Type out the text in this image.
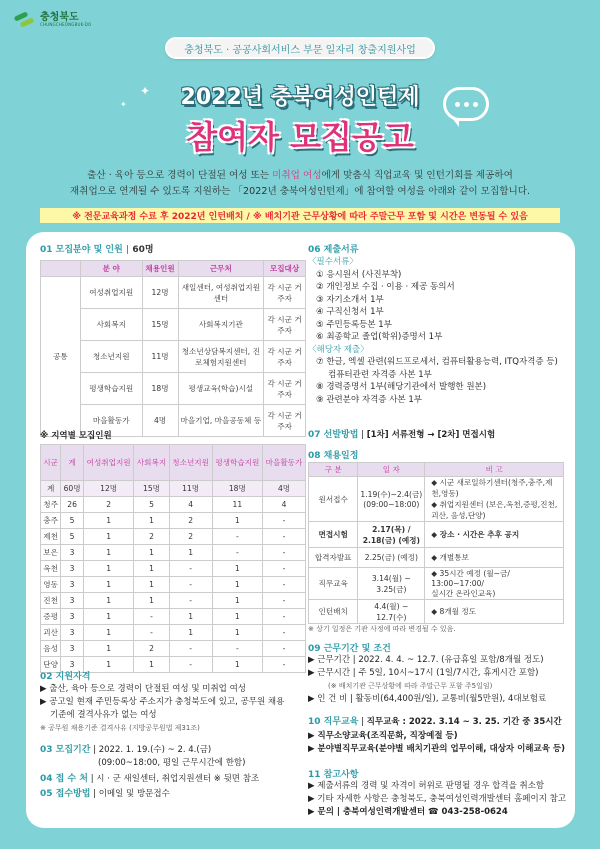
충청북도
CHUNGCHEONGBUK-DO
충청북도 · 공공사회서비스 부문 일자리 창출지원사업
2022년 충북여성인턴제
참여자 모집공고
✦
✦
출산 · 육아 등으로 경력이 단절된 여성 또는 미취업 여성에게 맞춤식 직업교육 및 인턴기회를 제공하여
재취업으로 연계될 수 있도록 지원하는 「2022년 충북여성인턴제」에 참여할 여성을 아래와 같이 모집합니다.
※ 전문교육과정 수료 후 2022년 인턴배치 / ※ 배치기관 근무상황에 따라 주말근무 포함 및 시간은 변동될 수 있음
01 모집분야 및 인원 | 60명
	분 야	채용인원	근무처	모집대상
공통	여성취업지원	12명	새일센터, 여성취업지원센터	각 시군 거주자
	사회복지	15명	사회복지기관	각 시군 거주자
	청소년지원	11명	청소년상담복지센터, 진로체험지원센터	각 시군 거주자
	평생학습지원	18명	평생교육(학습)시설	각 시군 거주자
	마을활동가	4명	마을기업, 마을공동체 등	각 시군 거주자
※ 지역별 모집인원
시군	계	여성취업지원	사회복지	청소년지원	평생학습지원	마을활동가
계	60명	12명	15명	11명	18명	4명
청주	26	2	5	4	11	4
충주	5	1	1	2	1	-
제천	5	1	2	2	-	-
보은	3	1	1	1	-	-
옥천	3	1	1	-	1	-
영동	3	1	1	-	1	-
진천	3	1	1	-	1	-
증평	3	1	-	1	1	-
괴산	3	1	-	1	1	-
음성	3	1	2	-	-	-
단양	3	1	1	-	1	-
02 지원자격
▶ 출산, 육아 등으로 경력이 단절된 여성 및 미취업 여성
▶ 공고일 현재 주민등록상 주소지가 충청북도에 있고, 공무원 채용
기준에 결격사유가 없는 여성
※ 공무원 채용기준 결격사유 (지방공무원법 제31조)
03 모집기간 | 2022. 1. 19.(수) ~ 2. 4.(금)
(09:00~18:00, 평일 근무시간에 한함)
04 접 수 처 | 시 · 군 새일센터, 취업지원센터 ※ 뒷면 참조
05 접수방법 | 이메일 및 방문접수
06 제출서류
〈필수서류〉
① 응시원서 (사진부착)
② 개인정보 수집 · 이용 · 제공 동의서
③ 자기소개서 1부
④ 구직신청서 1부
⑤ 주민등록등본 1부
⑥ 최종학교 졸업(학위)증명서 1부
〈해당자 제출〉
⑦ 한글, 엑셀 관련(워드프로세서, 컴퓨터활용능력, ITQ자격증 등)
컴퓨터관련 자격증 사본 1부
⑧ 경력증명서 1부(해당기관에서 발행한 원본)
⑨ 관련분야 자격증 사본 1부
07 선발방법 | [1차] 서류전형 → [2차] 면접시험
08 채용일정
구 분	일 자	비 고
원서접수	1.19(수)~2.4(금) (09:00~18:00)	◆ 시군 새로일하기센터(청주,충주,제천,영동)
◆ 취업지원센터 (보은,옥천,증평,진천,괴산, 음성,단양)

면접시험	2.17(목) / 2.18(금) (예정)	◆ 장소 · 시간은 추후 공지

합격자발표	2.25(금) (예정)	◆ 개별통보

직무교육	3.14(월) ~ 3.25(금)	◆ 35시간 예정 (월~금/ 13:00~17:00/
실시간 온라인교육)

인턴배치	4.4(월) ~ 12.7(수)	◆ 8개월 정도
※ 상기 일정은 기관 사정에 따라 변경될 수 있음.
09 근무기간 및 조건
▶ 근무기간 | 2022. 4. 4. ~ 12.7. (유급휴일 포함/8개월 정도)
▶ 근무시간 | 주 5일, 10시~17시 (1일/7시간, 휴게시간 포함)
(※ 배치기관 근무상황에 따라 주말근무 포함 주5일임)
▶ 인 건 비 | 활동비(64,400원/일), 교통비(월5만원), 4대보험료
10 직무교육 | 직무교육 : 2022. 3.14 ~ 3. 25. 기간 중 35시간
▶ 직무소양교육(조직문화, 직장예절 등)
▶ 분야별직무교육(분야별 배치기관의 업무이해, 대상자 이해교육 등)
11 참고사항
▶ 제출서류의 경력 및 자격이 허위로 판명될 경우 합격을 취소함
▶ 기타 자세한 사항은 충청북도, 충북여성인력개발센터 홈페이지 참고
▶ 문의 | 충북여성인력개발센터 ☎ 043-258-0624
